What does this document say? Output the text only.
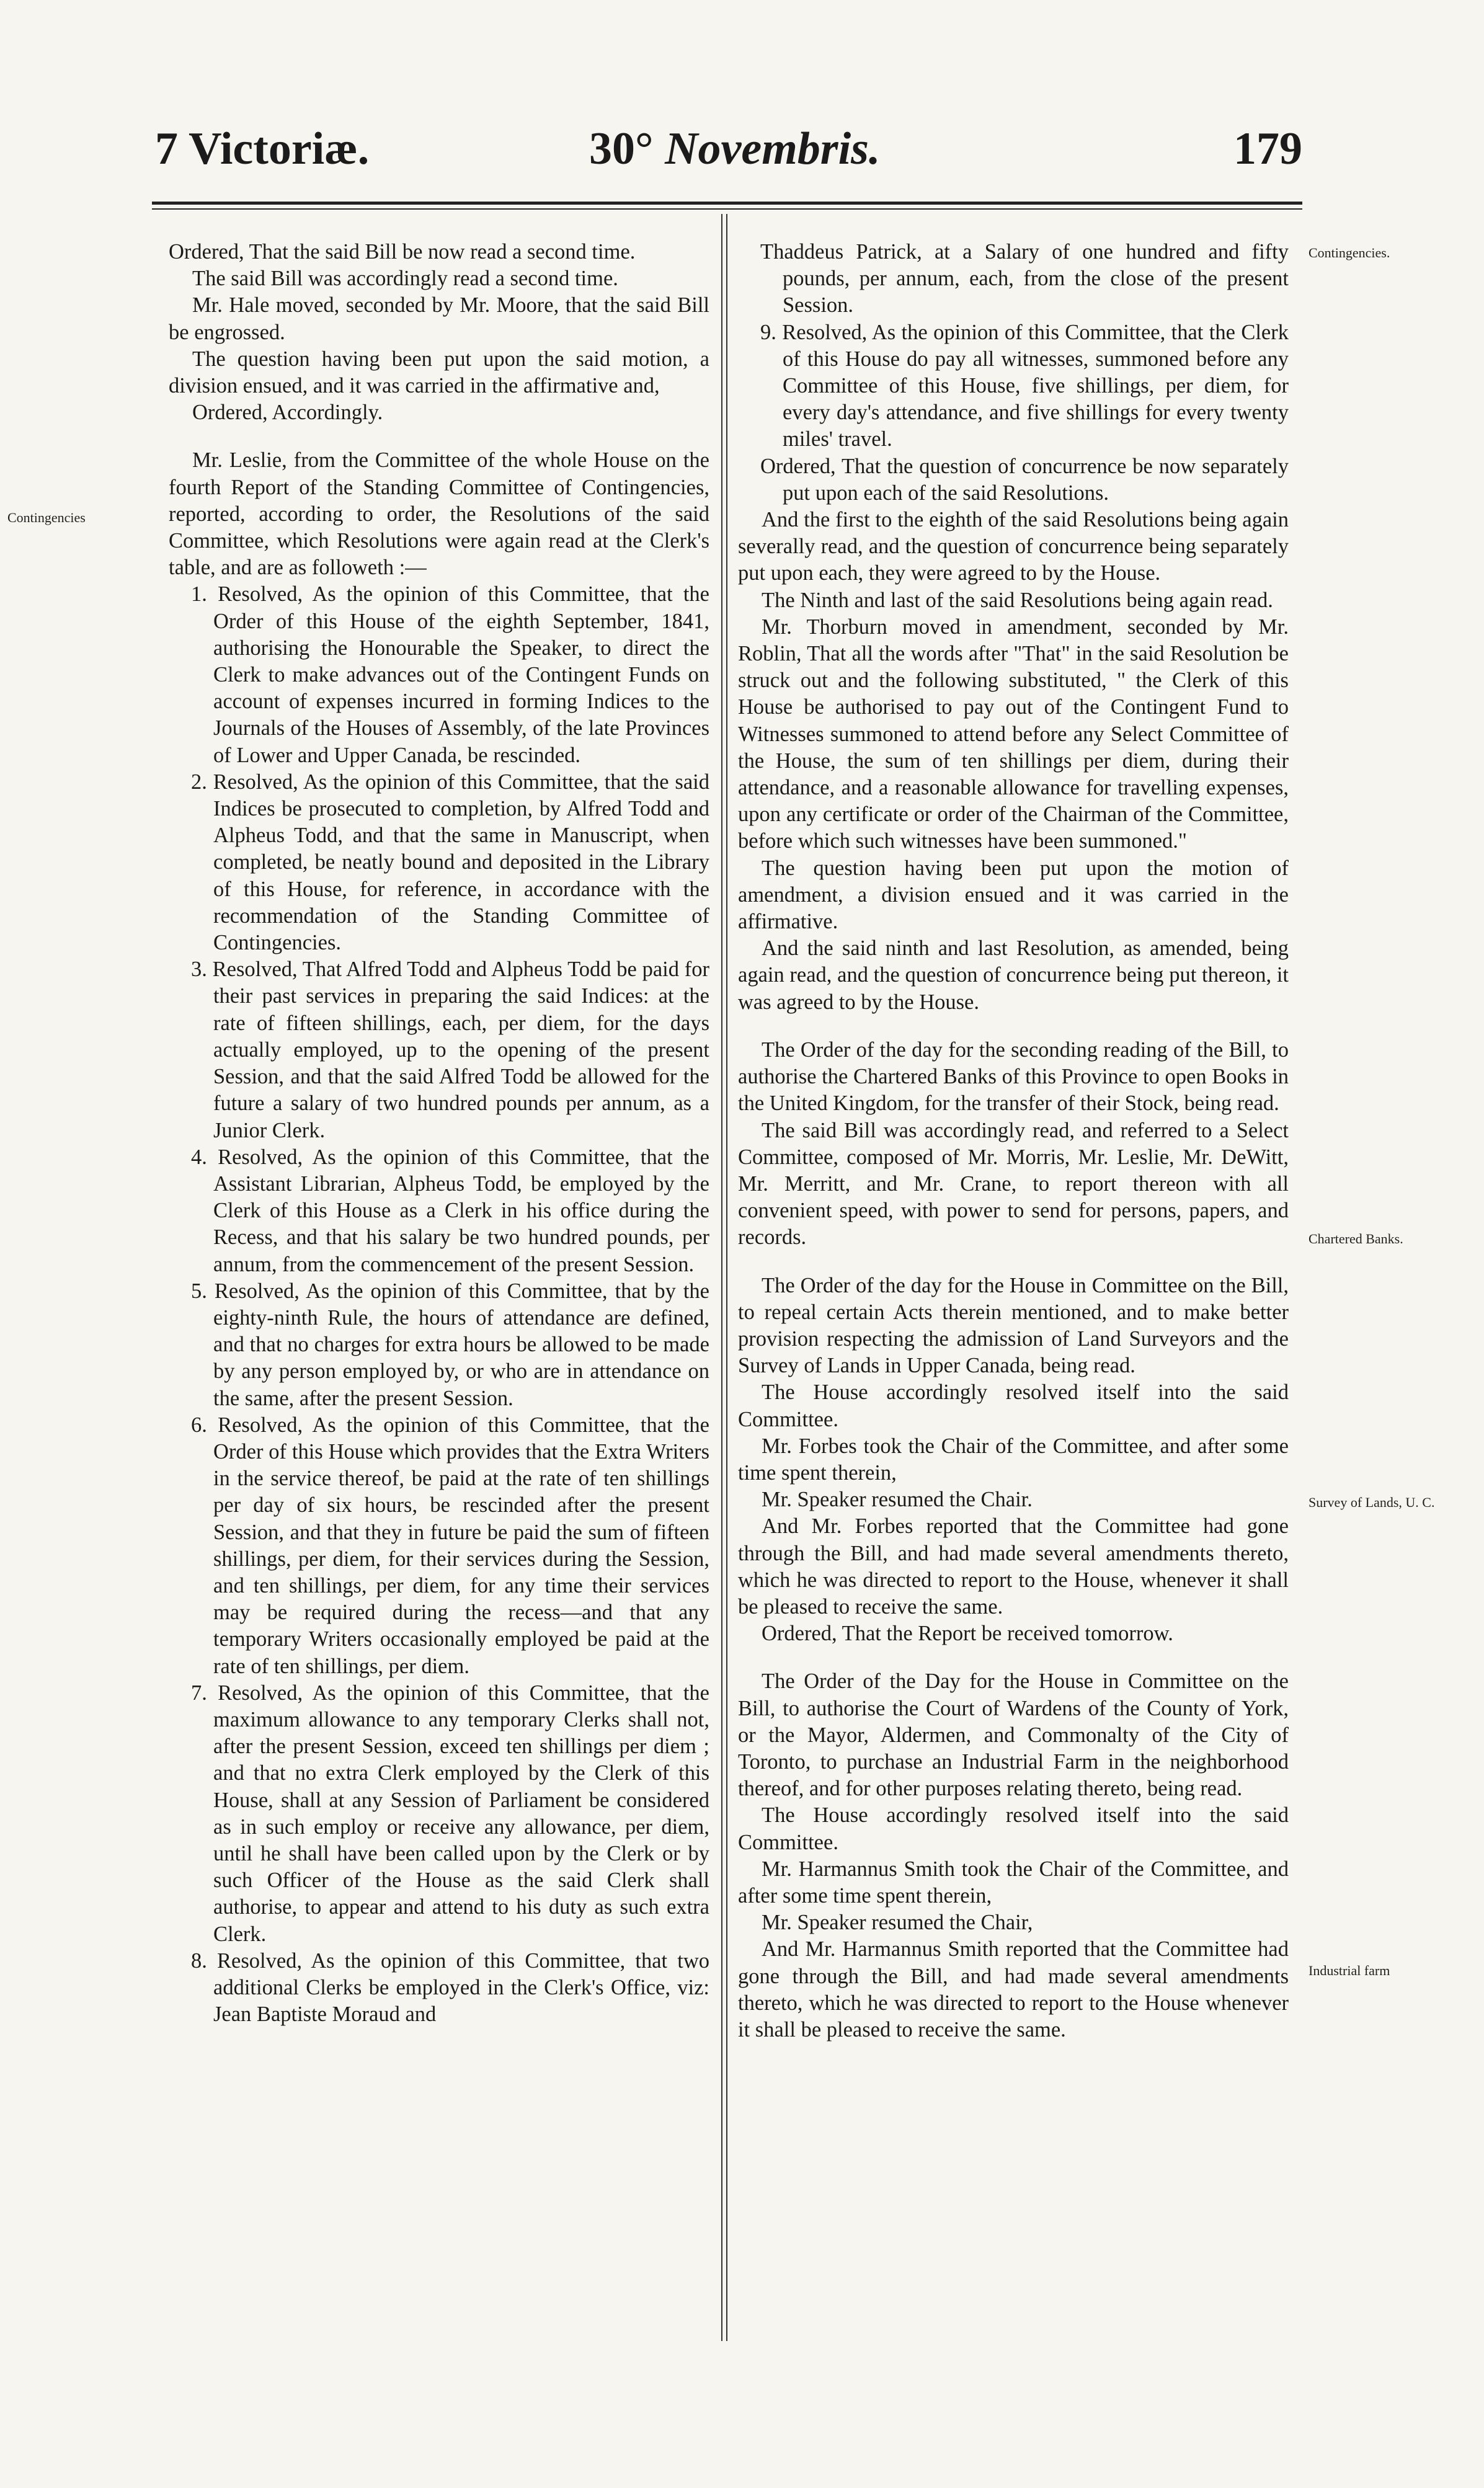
7 Victoriæ.	30° Novembris.	179
Contingencies
Contingencies.
Chartered Banks.
Survey of Lands, U. C.
Industrial farm

Ordered, That the said Bill be now read a second time.

The said Bill was accordingly read a second time.

Mr. Hale moved, seconded by Mr. Moore, that the said Bill be engrossed.

The question having been put upon the said motion, a division ensued, and it was carried in the affirmative and,

Ordered, Accordingly.

Mr. Leslie, from the Committee of the whole House on the fourth Report of the Standing Committee of Contingencies, reported, according to order, the Resolutions of the said Committee, which Resolutions were again read at the Clerk's table, and are as followeth :—

1. Resolved, As the opinion of this Committee, that the Order of this House of the eighth September, 1841, authorising the Honourable the Speaker, to direct the Clerk to make advances out of the Contingent Funds on account of expenses incurred in forming Indices to the Journals of the Houses of Assembly, of the late Provinces of Lower and Upper Canada, be rescinded.

2. Resolved, As the opinion of this Committee, that the said Indices be prosecuted to completion, by Alfred Todd and Alpheus Todd, and that the same in Manuscript, when completed, be neatly bound and deposited in the Library of this House, for reference, in accordance with the recommendation of the Standing Committee of Contingencies.

3. Resolved, That Alfred Todd and Alpheus Todd be paid for their past services in preparing the said Indices: at the rate of fifteen shillings, each, per diem, for the days actually employed, up to the opening of the present Session, and that the said Alfred Todd be allowed for the future a salary of two hundred pounds per annum, as a Junior Clerk.

4. Resolved, As the opinion of this Committee, that the Assistant Librarian, Alpheus Todd, be employed by the Clerk of this House as a Clerk in his office during the Recess, and that his salary be two hundred pounds, per annum, from the commencement of the present Session.

5. Resolved, As the opinion of this Committee, that by the eighty-ninth Rule, the hours of attendance are defined, and that no charges for extra hours be allowed to be made by any person employed by, or who are in attendance on the same, after the present Session.

6. Resolved, As the opinion of this Committee, that the Order of this House which provides that the Extra Writers in the service thereof, be paid at the rate of ten shillings per day of six hours, be rescinded after the present Session, and that they in future be paid the sum of fifteen shillings, per diem, for their services during the Session, and ten shillings, per diem, for any time their services may be required during the recess—and that any temporary Writers occasionally employed be paid at the rate of ten shillings, per diem.

7. Resolved, As the opinion of this Committee, that the maximum allowance to any temporary Clerks shall not, after the present Session, exceed ten shillings per diem ; and that no extra Clerk employed by the Clerk of this House, shall at any Session of Parliament be considered as in such employ or receive any allowance, per diem, until he shall have been called upon by the Clerk or by such Officer of the House as the said Clerk shall authorise, to appear and attend to his duty as such extra Clerk.

8. Resolved, As the opinion of this Committee, that two additional Clerks be employed in the Clerk's Office, viz: Jean Baptiste Moraud and

Thaddeus Patrick, at a Salary of one hundred and fifty pounds, per annum, each, from the close of the present Session.

9. Resolved, As the opinion of this Committee, that the Clerk of this House do pay all witnesses, summoned before any Committee of this House, five shillings, per diem, for every day's attendance, and five shillings for every twenty miles' travel.

Ordered, That the question of concurrence be now separately put upon each of the said Resolutions.

And the first to the eighth of the said Resolutions being again severally read, and the question of concurrence being separately put upon each, they were agreed to by the House.

The Ninth and last of the said Resolutions being again read.

Mr. Thorburn moved in amendment, seconded by Mr. Roblin, That all the words after "That" in the said Resolution be struck out and the following substituted, " the Clerk of this House be authorised to pay out of the Contingent Fund to Witnesses summoned to attend before any Select Committee of the House, the sum of ten shillings per diem, during their attendance, and a reasonable allowance for travelling expenses, upon any certificate or order of the Chairman of the Committee, before which such witnesses have been summoned."

The question having been put upon the motion of amendment, a division ensued and it was carried in the affirmative.

And the said ninth and last Resolution, as amended, being again read, and the question of concurrence being put thereon, it was agreed to by the House.

The Order of the day for the seconding reading of the Bill, to authorise the Chartered Banks of this Province to open Books in the United Kingdom, for the transfer of their Stock, being read.

The said Bill was accordingly read, and referred to a Select Committee, composed of Mr. Morris, Mr. Leslie, Mr. DeWitt, Mr. Merritt, and Mr. Crane, to report thereon with all convenient speed, with power to send for persons, papers, and records.

The Order of the day for the House in Committee on the Bill, to repeal certain Acts therein mentioned, and to make better provision respecting the admission of Land Surveyors and the Survey of Lands in Upper Canada, being read.

The House accordingly resolved itself into the said Committee.

Mr. Forbes took the Chair of the Committee, and after some time spent therein,

Mr. Speaker resumed the Chair.

And Mr. Forbes reported that the Committee had gone through the Bill, and had made several amendments thereto, which he was directed to report to the House, whenever it shall be pleased to receive the same.

Ordered, That the Report be received tomorrow.

The Order of the Day for the House in Committee on the Bill, to authorise the Court of Wardens of the County of York, or the Mayor, Aldermen, and Commonalty of the City of Toronto, to purchase an Industrial Farm in the neighborhood thereof, and for other purposes relating thereto, being read.

The House accordingly resolved itself into the said Committee.

Mr. Harmannus Smith took the Chair of the Committee, and after some time spent therein,

Mr. Speaker resumed the Chair,

And Mr. Harmannus Smith reported that the Committee had gone through the Bill, and had made several amendments thereto, which he was directed to report to the House whenever it shall be pleased to receive the same.
